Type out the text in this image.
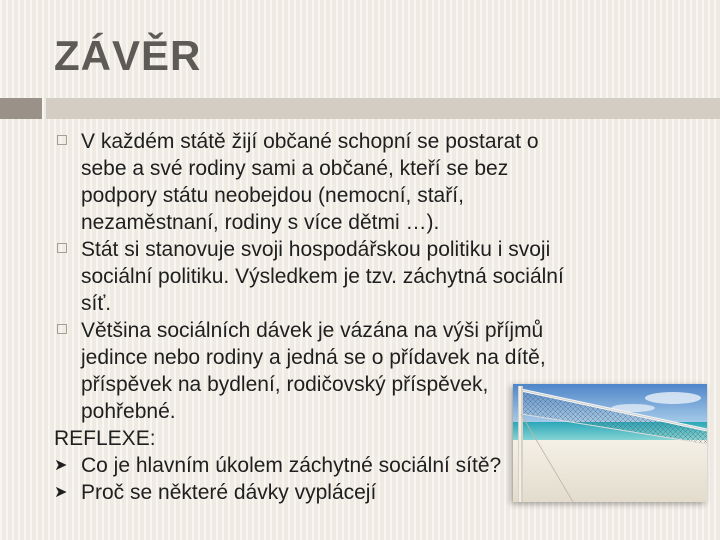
ZÁVĚR
V každém státě žijí občané schopní se postarat o
sebe a své rodiny sami a občané, kteří se bez
podpory státu neobejdou (nemocní, staří,
nezaměstnaní, rodiny s více dětmi …).
Stát si stanovuje svoji hospodářskou politiku i svoji
sociální politiku. Výsledkem je tzv. záchytná sociální
síť.
Většina sociálních dávek je vázána na výši příjmů
jedince nebo rodiny a jedná se o přídavek na dítě,
příspěvek na bydlení, rodičovský příspěvek,
pohřebné.
REFLEXE:
➤ Co je hlavním úkolem záchytné sociální sítě?
➤ Proč se některé dávky vyplácejí
